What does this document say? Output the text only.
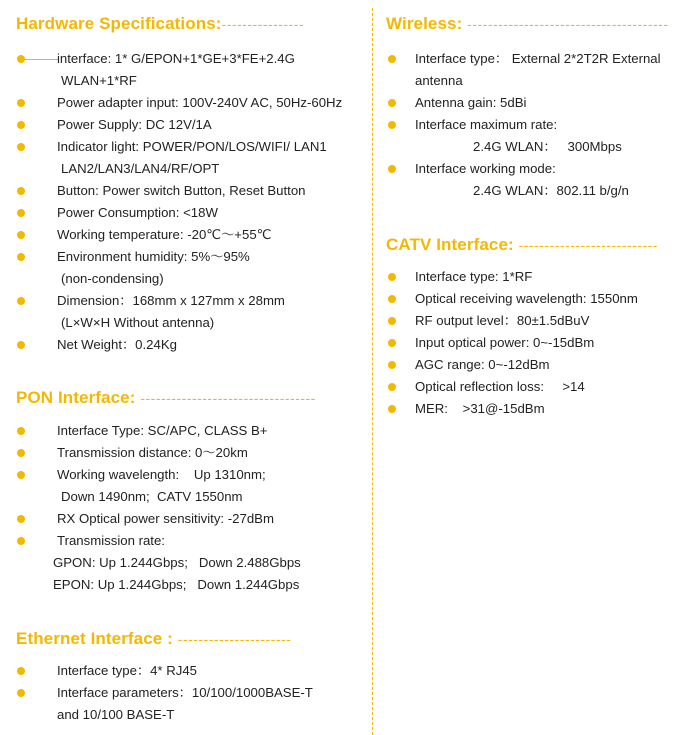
Hardware Specifications:----------------
interface: 1* G/EPON+1*GE+3*FE+2.4G
WLAN+1*RF
Power adapter input: 100V-240V AC, 50Hz-60Hz
Power Supply: DC 12V/1A
Indicator light: POWER/PON/LOS/WIFI/ LAN1
LAN2/LAN3/LAN4/RF/OPT
Button: Power switch Button, Reset Button
Power Consumption: <18W
Working temperature: -20℃～+55℃
Environment humidity: 5%～95%
(non-condensing)
Dimension：168mm x 127mm x 28mm
(L×W×H Without antenna)
Net Weight：0.24Kg
PON Interface: ----------------------------------
Interface Type: SC/APC, CLASS B+
Transmission distance: 0～20km
Working wavelength:    Up 1310nm;
Down 1490nm;  CATV 1550nm
RX Optical power sensitivity: -27dBm
Transmission rate:
GPON: Up 1.244Gbps;   Down 2.488Gbps
EPON: Up 1.244Gbps;   Down 1.244Gbps
Ethernet Interface : ----------------------
Interface type：4* RJ45
Interface parameters：10/100/1000BASE-T
and 10/100 BASE-T
Wireless: ---------------------------------------
Interface type： External 2*2T2R External
antenna
Antenna gain: 5dBi
Interface maximum rate:
2.4G WLAN：   300Mbps
Interface working mode:
2.4G WLAN：802.11 b/g/n
CATV Interface: ---------------------------
Interface type: 1*RF
Optical receiving wavelength: 1550nm
RF output level：80±1.5dBuV
Input optical power: 0~-15dBm
AGC range: 0~-12dBm
Optical reflection loss:     >14
MER:    >31@-15dBm
